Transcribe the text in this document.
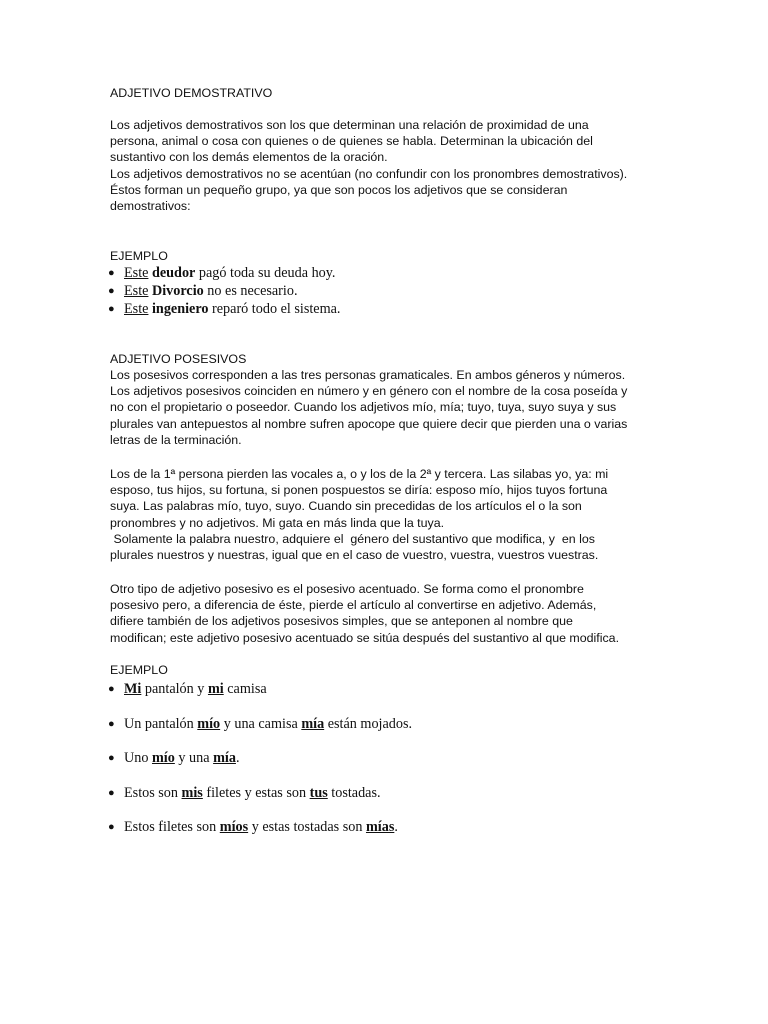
ADJETIVO DEMOSTRATIVO

Los adjetivos demostrativos son los que determinan una relación de proximidad de una

persona, animal o cosa con quienes o de quienes se habla. Determinan la ubicación del

sustantivo con los demás elementos de la oración.

Los adjetivos demostrativos no se acentúan (no confundir con los pronombres demostrativos).

Éstos forman un pequeño grupo, ya que son pocos los adjetivos que se consideran

demostrativos:

EJEMPLO
● Este deudor pagó toda su deuda hoy.
● Este Divorcio no es necesario.
● Este ingeniero reparó todo el sistema.
ADJETIVO POSESIVOS

Los posesivos corresponden a las tres personas gramaticales. En ambos géneros y números.

Los adjetivos posesivos coinciden en número y en género con el nombre de la cosa poseída y

no con el propietario o poseedor. Cuando los adjetivos mío, mía; tuyo, tuya, suyo suya y sus

plurales van antepuestos al nombre sufren apocope que quiere decir que pierden una o varias

letras de la terminación.

Los de la 1ª persona pierden las vocales a, o y los de la 2ª y tercera. Las silabas yo, ya: mi

esposo, tus hijos, su fortuna, si ponen pospuestos se diría: esposo mío, hijos tuyos fortuna

suya. Las palabras mío, tuyo, suyo. Cuando sin precedidas de los artículos el o la son

pronombres y no adjetivos. Mi gata en más linda que la tuya.

Solamente la palabra nuestro, adquiere el  género del sustantivo que modifica, y  en los

plurales nuestros y nuestras, igual que en el caso de vuestro, vuestra, vuestros vuestras.

Otro tipo de adjetivo posesivo es el posesivo acentuado. Se forma como el pronombre

posesivo pero, a diferencia de éste, pierde el artículo al convertirse en adjetivo. Además,

difiere también de los adjetivos posesivos simples, que se anteponen al nombre que

modifican; este adjetivo posesivo acentuado se sitúa después del sustantivo al que modifica.

EJEMPLO
● Mi pantalón y mi camisa
● Un pantalón mío y una camisa mía están mojados.
● Uno mío y una mía.
● Estos son mis filetes y estas son tus tostadas.
● Estos filetes son míos y estas tostadas son mías.
